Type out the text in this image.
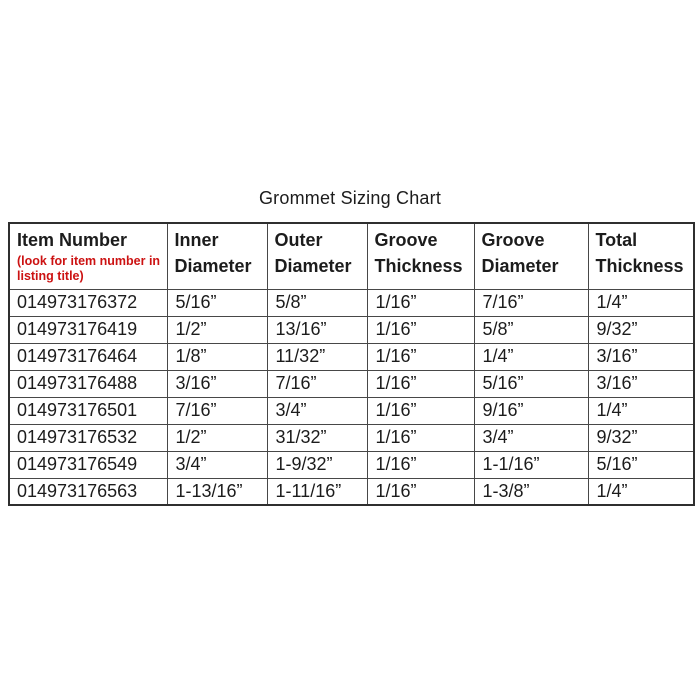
Grommet Sizing Chart
Item Number
(look for item number in listing title)	Inner Diameter	Outer Diameter	Groove Thickness	Groove Diameter	Total Thickness
014973176372	5/16”	5/8”	1/16”	7/16”	1/4”
014973176419	1/2”	13/16”	1/16”	5/8”	9/32”
014973176464	1/8”	11/32”	1/16”	1/4”	3/16”
014973176488	3/16”	7/16”	1/16”	5/16”	3/16”
014973176501	7/16”	3/4”	1/16”	9/16”	1/4”
014973176532	1/2”	31/32”	1/16”	3/4”	9/32”
014973176549	3/4”	1-9/32”	1/16”	1-1/16”	5/16”
014973176563	1-13/16”	1-11/16”	1/16”	1-3/8”	1/4”
